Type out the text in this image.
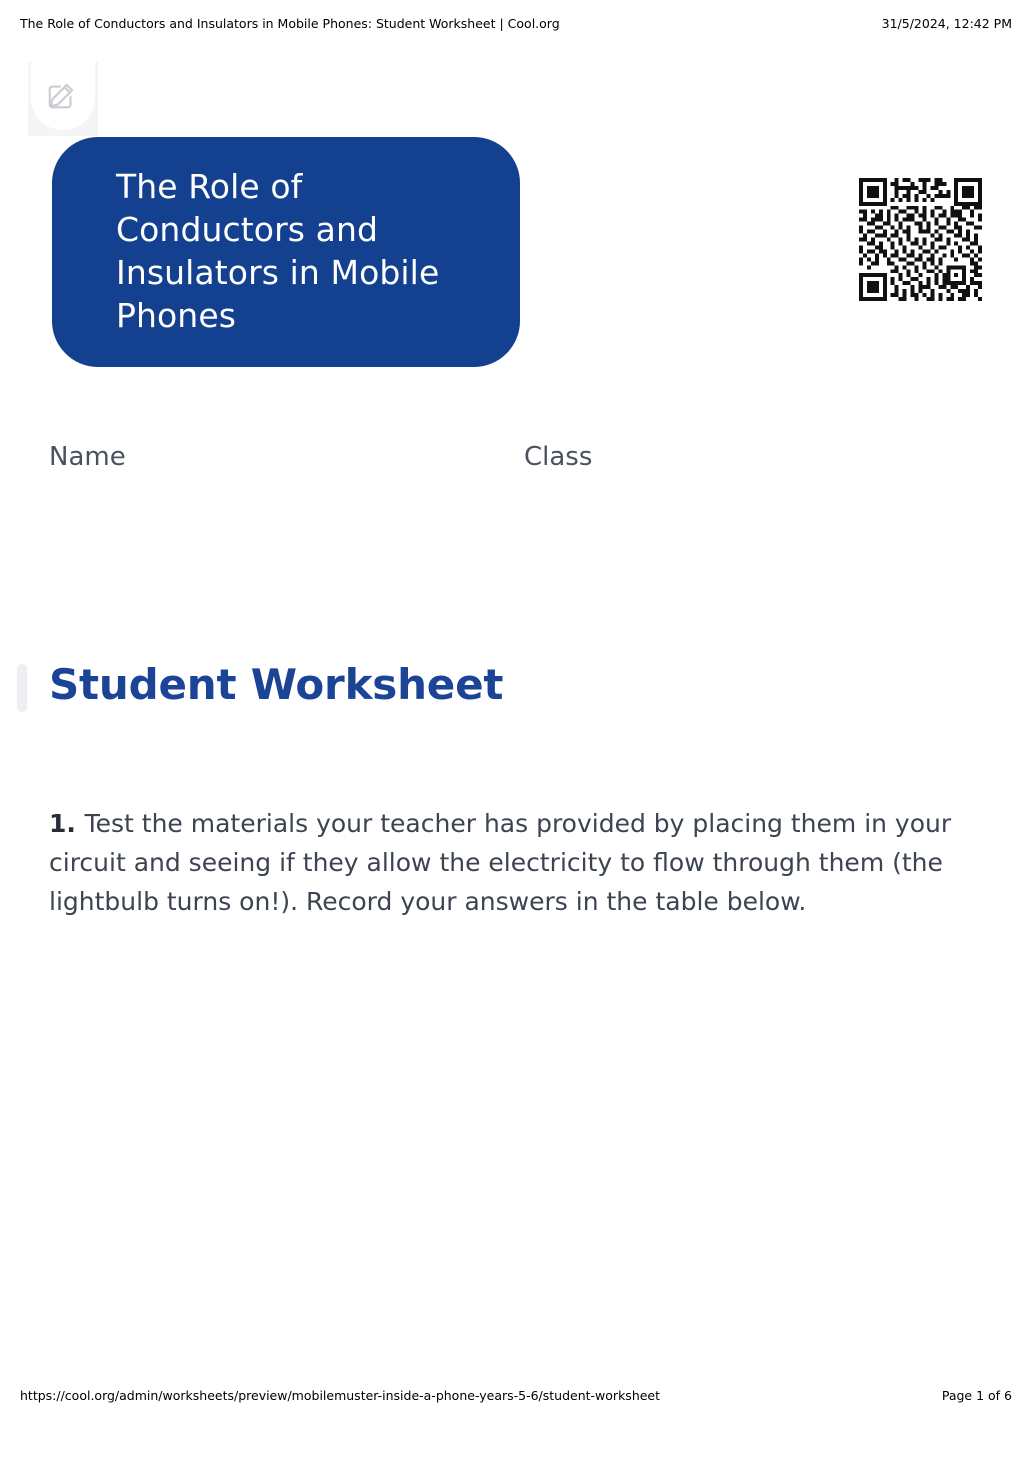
The Role of Conductors and Insulators in Mobile Phones: Student Worksheet | Cool.org	31/5/2024, 12:42 PM
The Role of Conductors and Insulators in Mobile Phones
Name	Class
Student Worksheet
1. Test the materials your teacher has provided by placing them in your circuit and seeing if they allow the electricity to flow through them (the lightbulb turns on!). Record your answers in the table below.
https://cool.org/admin/worksheets/preview/mobilemuster-inside-a-phone-years-5-6/student-worksheet	Page 1 of 6
